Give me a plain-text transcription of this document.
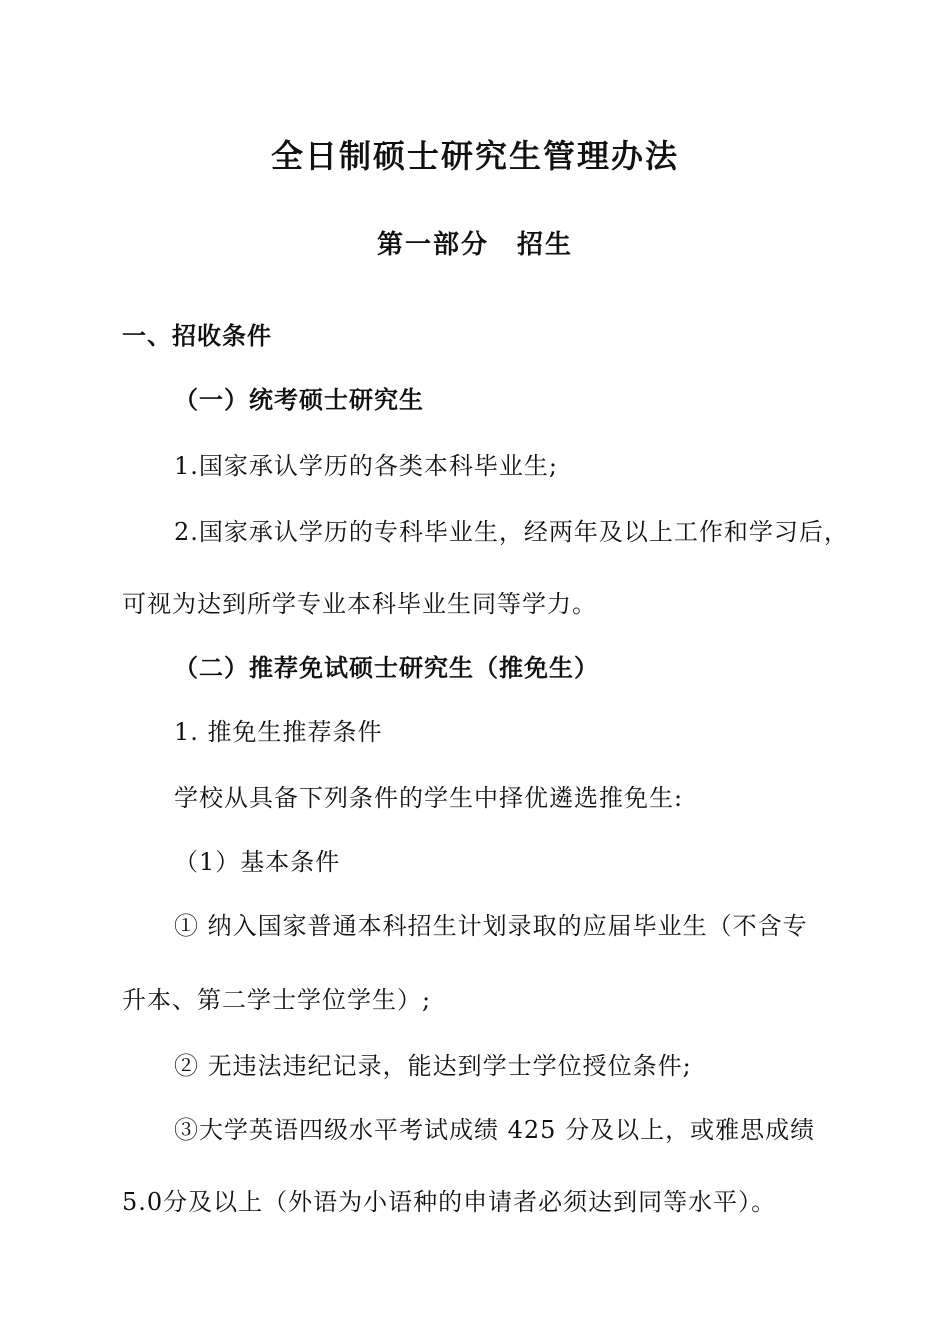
全日制硕士研究生管理办法
第一部分　招生
一、招收条件
（一）统考硕士研究生
1.国家承认学历的各类本科毕业生;
2.国家承认学历的专科毕业生，经两年及以上工作和学习后，
可视为达到所学专业本科毕业生同等学力。
（二）推荐免试硕士研究生（推免生）
1. 推免生推荐条件
学校从具备下列条件的学生中择优遴选推免生:
（1）基本条件
① 纳入国家普通本科招生计划录取的应届毕业生（不含专
升本、第二学士学位学生）;
② 无违法违纪记录，能达到学士学位授位条件;
③大学英语四级水平考试成绩 425 分及以上，或雅思成绩
5.0分及以上（外语为小语种的申请者必须达到同等水平）。
